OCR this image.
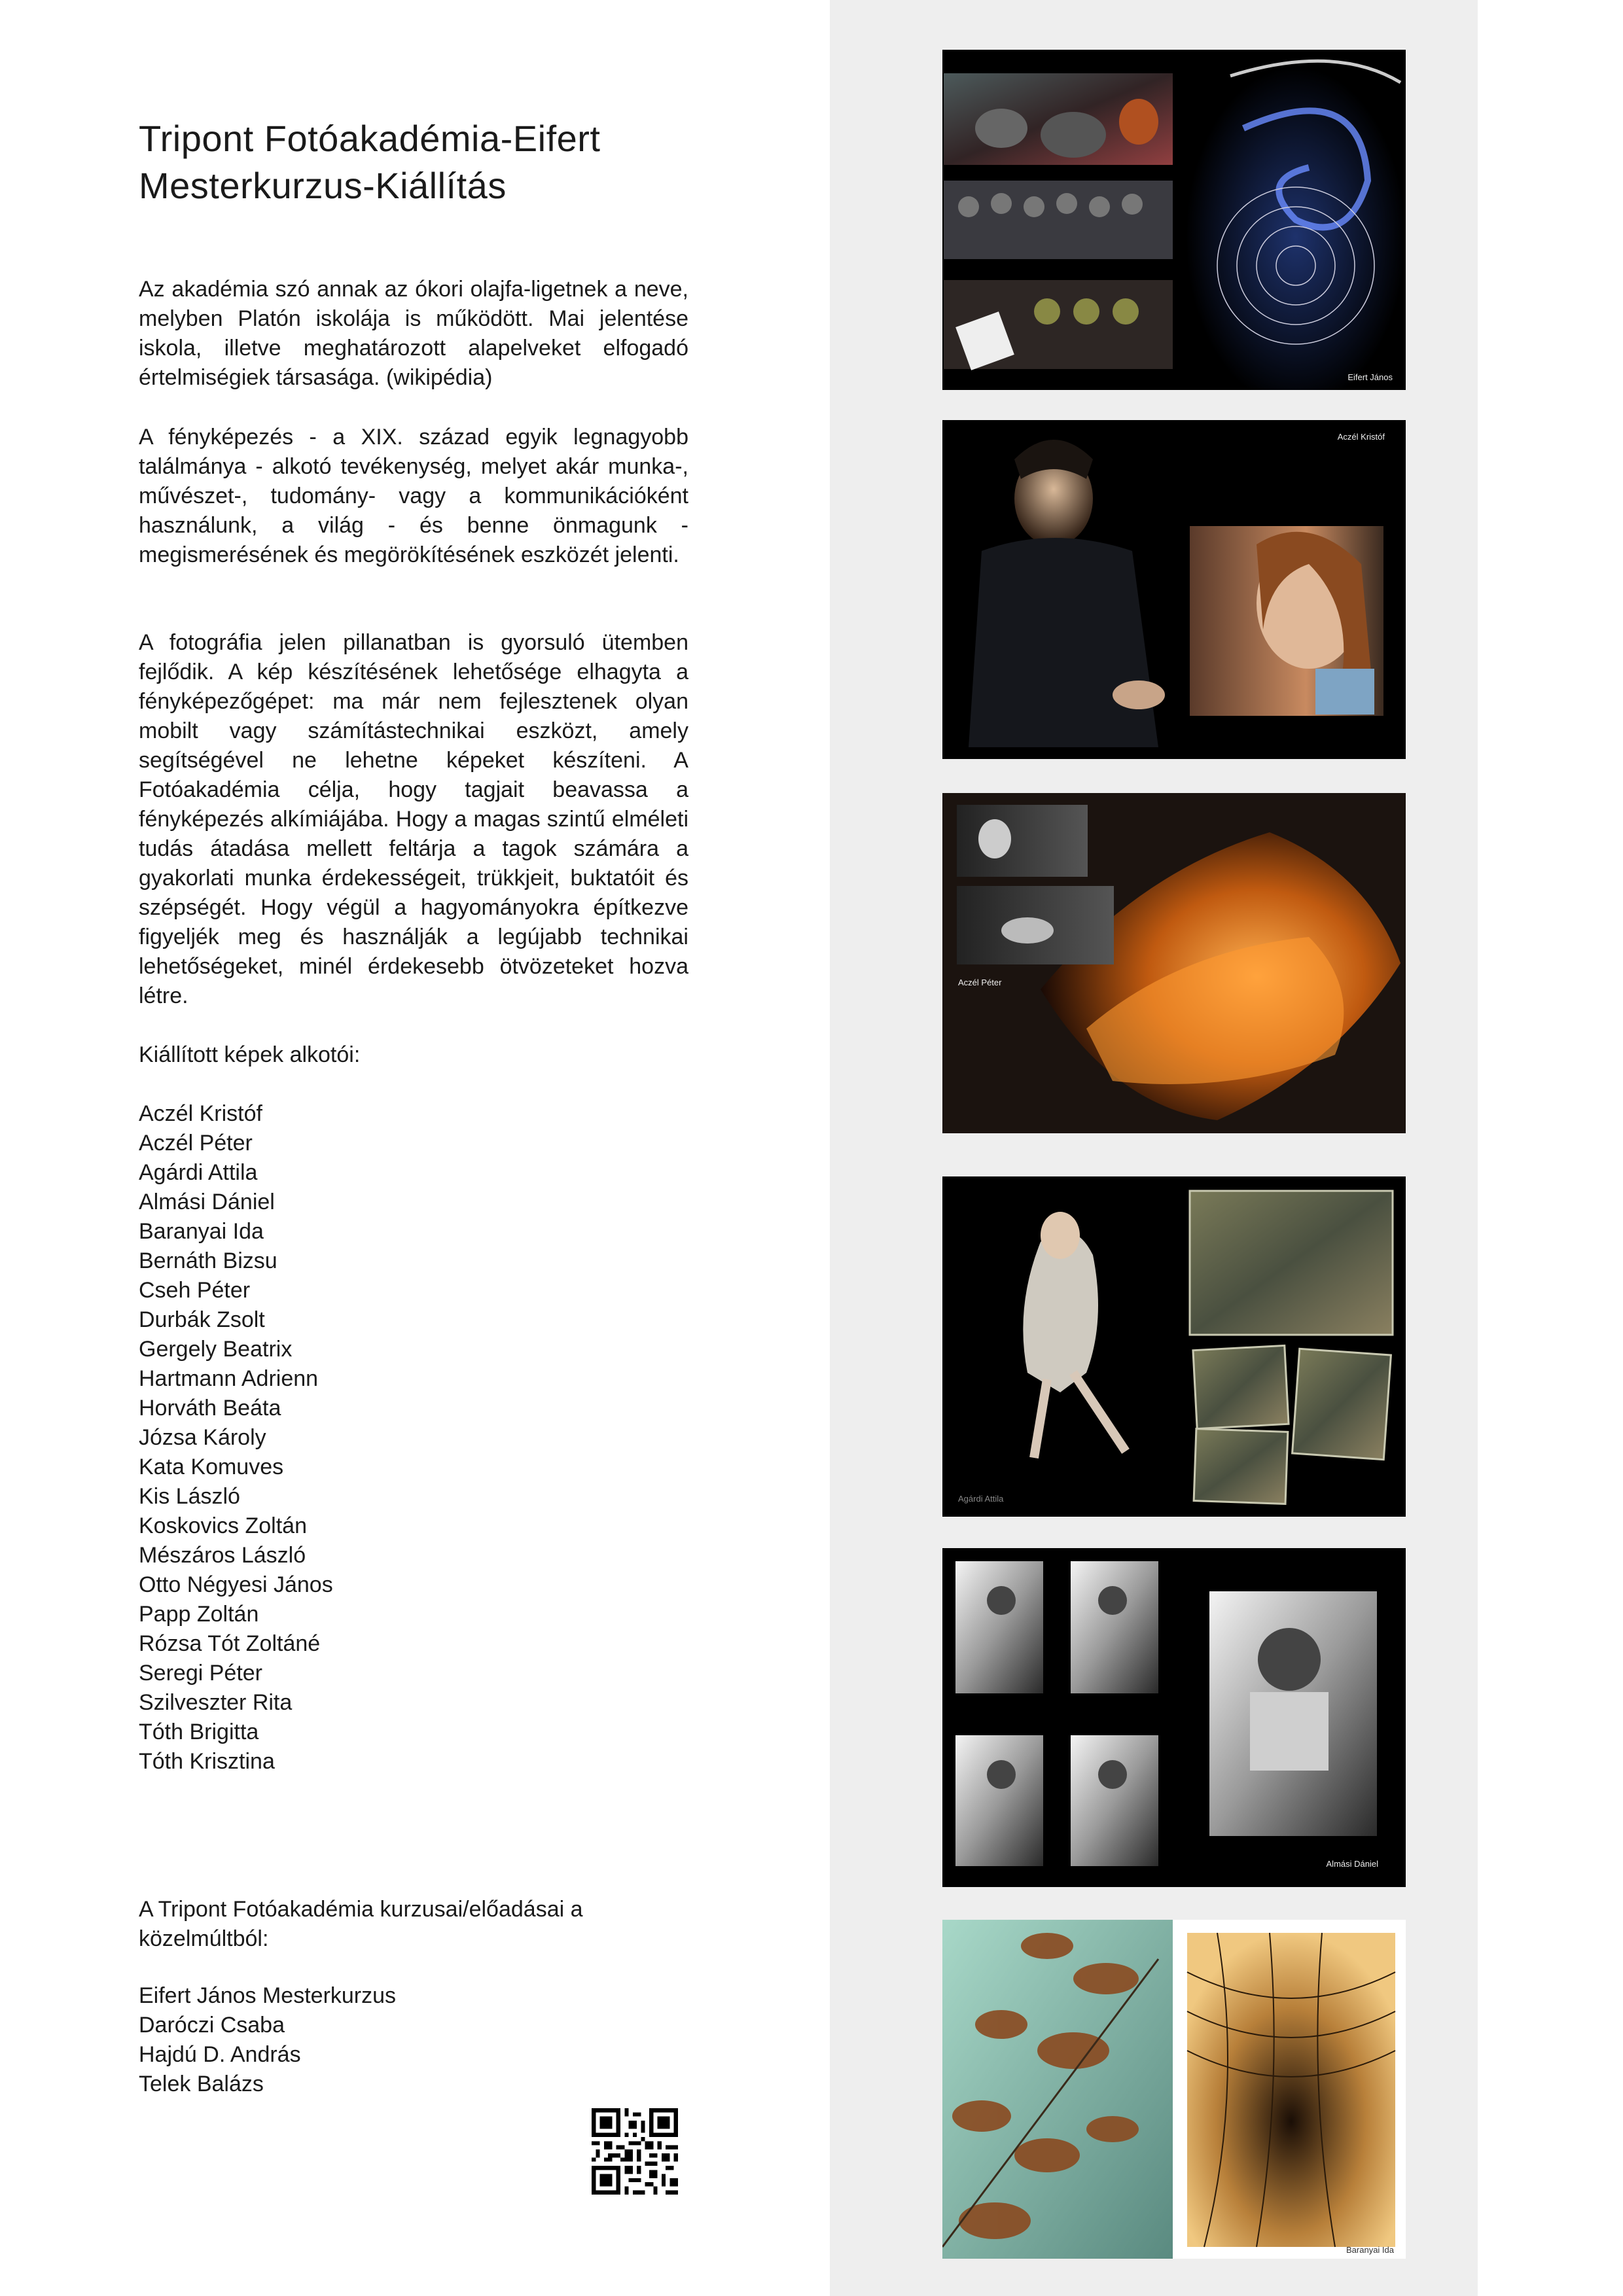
Tripont Fotóakadémia-Eifert
Mesterkurzus-Kiállítás

Az akadémia szó annak az ókori olajfa-ligetnek a neve, melyben Platón iskolája is működött. Mai jelentése iskola, illetve meghatározott alapelveket elfogadó értelmiségiek társasága. (wikipédia)

A fényképezés - a XIX. század egyik legnagyobb találmánya - alkotó tevékenység, melyet akár munka-, művészet-, tudomány- vagy a kommunikációként használunk, a világ - és benne önmagunk - megismerésének és megörökítésének eszközét jelenti.

A fotográfia jelen pillanatban is gyorsuló ütemben fejlődik. A kép készítésének lehetősége elhagyta a fényképezőgépet: ma már nem fejlesztenek olyan mobilt vagy számítástechnikai eszközt, amely segítségével ne lehetne képeket készíteni. A Fotóakadémia célja, hogy tagjait beavassa a fényképezés alkímiájába. Hogy a magas szintű elméleti tudás átadása mellett feltárja a tagok számára a gyakorlati munka érdekességeit, trükkjeit, buktatóit és szépségét. Hogy végül a hagyományokra építkezve figyeljék meg és használják a legújabb technikai lehetőségeket, minél érdekesebb ötvözeteket hozva létre.

Kiállított képek alkotói:
Aczél Kristóf
Aczél Péter
Agárdi Attila
Almási Dániel
Baranyai Ida
Bernáth Bizsu
Cseh Péter
Durbák Zsolt
Gergely Beatrix
Hartmann Adrienn
Horváth Beáta
Józsa Károly
Kata Komuves
Kis László
Koskovics Zoltán
Mészáros László
Otto Négyesi János
Papp Zoltán
Rózsa Tót Zoltáné
Seregi Péter
Szilveszter Rita
Tóth Brigitta
Tóth Krisztina
A Tripont Fotóakadémia kurzusai/előadásai a közelmúltból:
Eifert János Mesterkurzus
Daróczi Csaba
Hajdú D. András
Telek Balázs
Eifert János
Aczél Kristóf
Aczél Péter
Agárdi Attila
Almási Dániel
Baranyai Ida
